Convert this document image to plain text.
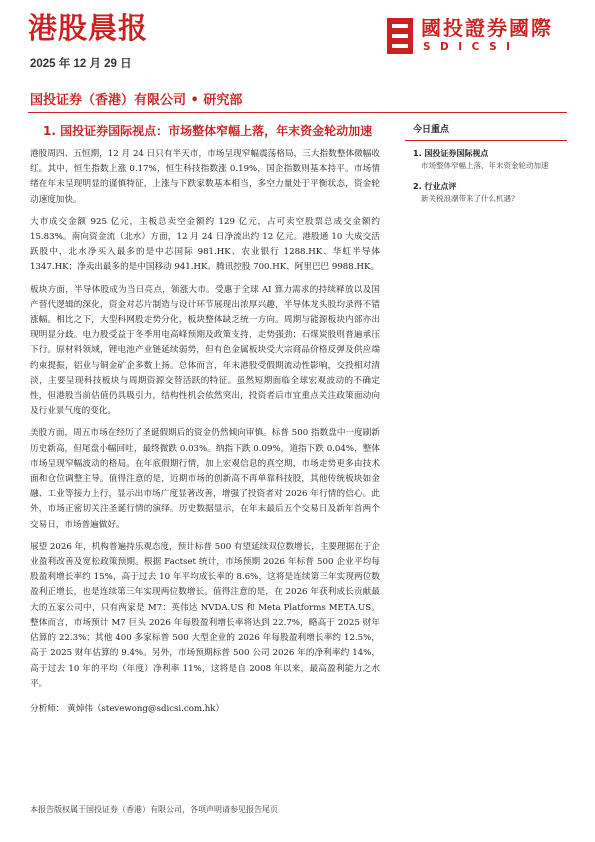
港股晨报
2025 年 12 月 29 日
國投證券國際
SDICSI
国投证券（香港）有限公司 • 研究部
1. 国投证券国际视点：市场整体窄幅上落，年末资金轮动加速

港股周四、五恒期，12 月 24 日只有半天市，市场呈现窄幅震荡格局，三大指数整体微幅收红。其中，恒生指数上涨 0.17%，恒生科技指数涨 0.19%，国企指数则基本持平。市场情绪在年末呈现明显的谨慎特征，上涨与下跌家数基本相当，多空力量处于平衡状态，资金轮动速度加快。

大市成交金额 925 亿元，主板总卖空金额约 129 亿元，占可卖空股票总成交金额约 15.83%。南向资金流（北水）方面，12 月 24 日净流出约 12 亿元。港股通 10 大成交活跃股中，北水净买入最多的是中芯国际 981.HK、农业银行 1288.HK、华虹半导体 1347.HK；净卖出最多的是中国移动 941.HK、腾讯控股 700.HK、阿里巴巴 9988.HK。

板块方面，半导体股成为当日亮点，领涨大市。受惠于全球 AI 算力需求的持续释放以及国产替代逻辑的深化，资金对芯片制造与设计环节展现出浓厚兴趣，半导体龙头股均录得不错涨幅。相比之下，大型科网股走势分化，板块整体缺乏统一方向。周期与能源板块内部亦出现明显分歧。电力股受益于冬季用电高峰预期及政策支持，走势强劲；石煤炭股则普遍承压下行。原材料领域，锂电池产业链延续弱势，但有色金属板块受大宗商品价格反弹及供应端约束提振，铝业与铜金矿企多数上扬。总体而言，年末港股受假期流动性影响，交投相对清淡，主要呈现科技板块与周期资源交替活跃的特征。虽然短期面临全球宏观波动的不确定性，但港股当前估值仍具吸引力，结构性机会依然突出，投资者后市宜重点关注政策面动向及行业景气度的变化。

美股方面，周五市场在经历了圣诞假期后的资金仍然倾向审慎。标普 500 指数盘中一度刷新历史新高，但尾盘小幅回吐，最终微跌 0.03%。纳指下跌 0.09%，道指下跌 0.04%，整体市场呈现窄幅波动的格局。在年底假期行情，加上宏观信息的真空期，市场走势更多由技术面和仓位调整主导。值得注意的是，近期市场的创新高不再单靠科技股，其他传统板块如金融、工业等接力上行，显示出市场广度显著改善，增强了投资者对 2026 年行情的信心。此外，市场正密切关注圣诞行情的演绎。历史数据显示，在年末最后五个交易日及新年首两个交易日，市场普遍做好。

展望 2026 年，机构普遍持乐观态度，预计标普 500 有望延续双位数增长，主要理据在于企业盈利改善及宽松政策预期。根据 Factset 统计，市场预期 2026 年标普 500 企业平均每股盈利增长率约 15%，高于过去 10 年平均成长率的 8.6%，这将是连续第三年实现两位数盈利正增长，也是连续第三年实现两位数增长。值得注意的是，在 2026 年获利成长贡献最大的五家公司中，只有两家是 M7：英伟达 NVDA.US 和 Meta Platforms META.US。整体而言，市场预计 M7 巨头 2026 年每股盈利增长率将达到 22.7%，略高于 2025 财年估算的 22.3%；其他 400 多家标普 500 大型企业的 2026 年每股盈利增长率约 12.5%，高于 2025 财年估算的 9.4%。另外，市场预期标普 500 公司 2026 年的净利率约 14%，高于过去 10 年的平均（年度）净利率 11%，这将是自 2008 年以来，最高盈利能力之水平。

分析师： 黄焯伟（stevewong@sdicsi.com.hk）
今日重点
1. 国投证券国际视点
市场整体窄幅上落，年末资金轮动加速
2. 行业点评
新关税浪潮带来了什么机遇?
本报告版权属于国投证券（香港）有限公司，各项声明请参见报告尾页
